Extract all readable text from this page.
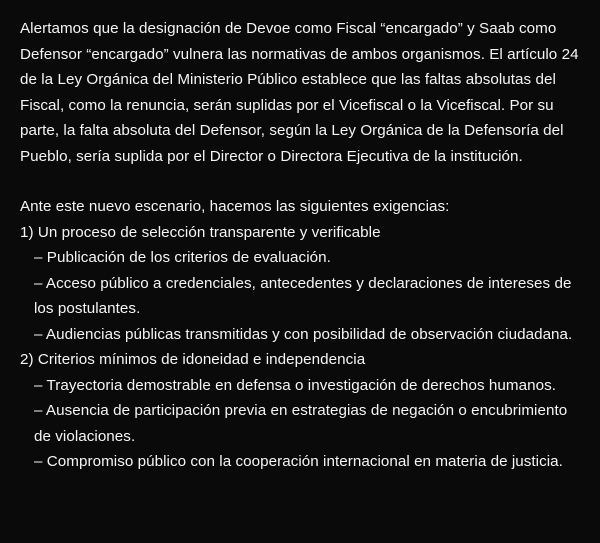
Alertamos que la designación de Devoe como Fiscal “encargado” y Saab como Defensor “encargado” vulnera las normativas de ambos organismos. El artículo 24 de la Ley Orgánica del Ministerio Público establece que las faltas absolutas del Fiscal, como la renuncia, serán suplidas por el Vicefiscal o la Vicefiscal. Por su parte, la falta absoluta del Defensor, según la Ley Orgánica de la Defensoría del Pueblo, sería suplida por el Director o Directora Ejecutiva de la institución.

Ante este nuevo escenario, hacemos las siguientes exigencias:

1) Un proceso de selección transparente y verificable

– Publicación de los criterios de evaluación.

– Acceso público a credenciales, antecedentes y declaraciones de intereses de los postulantes.

– Audiencias públicas transmitidas y con posibilidad de observación ciudadana.

2) Criterios mínimos de idoneidad e independencia

– Trayectoria demostrable en defensa o investigación de derechos humanos.

– Ausencia de participación previa en estrategias de negación o encubrimiento de violaciones.

– Compromiso público con la cooperación internacional en materia de justicia.
